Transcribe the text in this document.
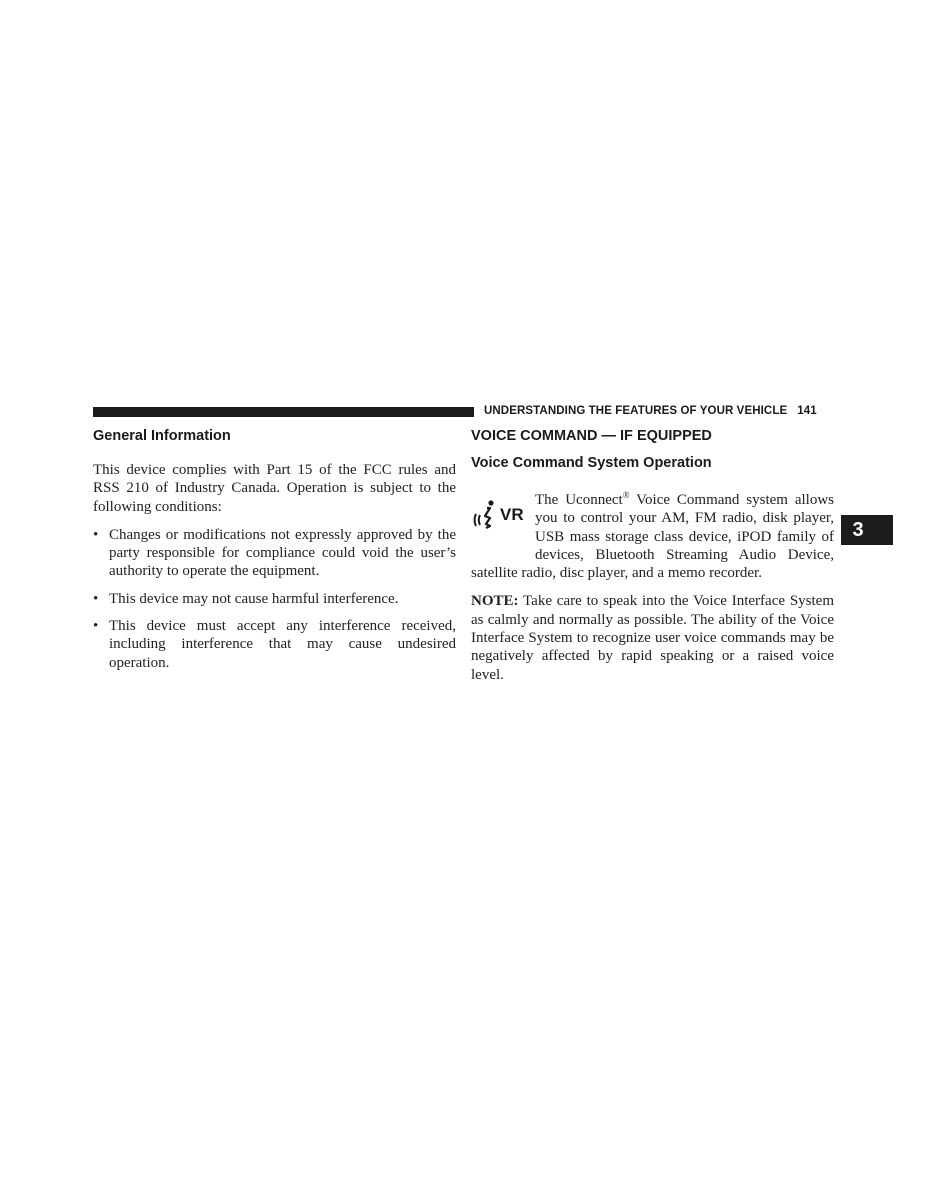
UNDERSTANDING THE FEATURES OF YOUR VEHICLE 141
3
General Information

This device complies with Part 15 of the FCC rules and RSS 210 of Industry Canada. Operation is subject to the following conditions:

• Changes or modifications not expressly approved by the party responsible for compliance could void the user’s authority to operate the equipment.
• This device may not cause harmful interference.
• This device must accept any interference received, including interference that may cause undesired operation.
VOICE COMMAND — IF EQUIPPED
Voice Command System Operation
VR

The Uconnect® Voice Command system allows you to control your AM, FM radio, disk player, USB mass storage class device, iPOD family of devices, Bluetooth Streaming Audio Device, satellite radio, disc player, and a memo recorder.

NOTE: Take care to speak into the Voice Interface System as calmly and normally as possible. The ability of the Voice Interface System to recognize user voice commands may be negatively affected by rapid speaking or a raised voice level.
